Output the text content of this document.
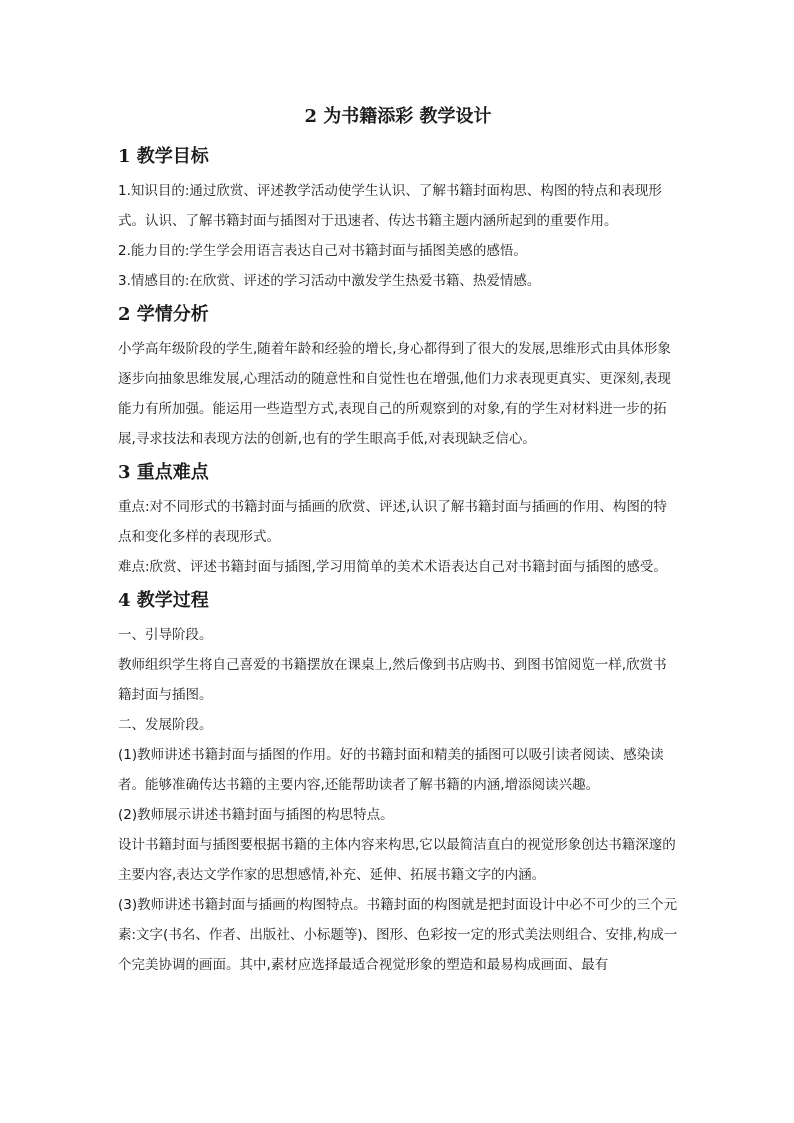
2 为书籍添彩 教学设计
1 教学目标

1.知识目的:通过欣赏、评述教学活动使学生认识、了解书籍封面构思、构图的特点和表现形式。认识、了解书籍封面与插图对于迅速者、传达书籍主题内涵所起到的重要作用。

2.能力目的:学生学会用语言表达自己对书籍封面与插图美感的感悟。

3.情感目的:在欣赏、评述的学习活动中激发学生热爱书籍、热爱情感。

2 学情分析

小学高年级阶段的学生,随着年龄和经验的增长,身心都得到了很大的发展,思维形式由具体形象逐步向抽象思维发展,心理活动的随意性和自觉性也在增强,他们力求表现更真实、更深刻,表现能力有所加强。能运用一些造型方式,表现自己的所观察到的对象,有的学生对材料进一步的拓展,寻求技法和表现方法的创新,也有的学生眼高手低,对表现缺乏信心。

3 重点难点

重点:对不同形式的书籍封面与插画的欣赏、评述,认识了解书籍封面与插画的作用、构图的特点和变化多样的表现形式。

难点:欣赏、评述书籍封面与插图,学习用简单的美术术语表达自己对书籍封面与插图的感受。

4 教学过程

一、引导阶段。

教师组织学生将自己喜爱的书籍摆放在课桌上,然后像到书店购书、到图书馆阅览一样,欣赏书籍封面与插图。

二、发展阶段。

(1)教师讲述书籍封面与插图的作用。好的书籍封面和精美的插图可以吸引读者阅读、感染读者。能够准确传达书籍的主要内容,还能帮助读者了解书籍的内涵,增添阅读兴趣。

(2)教师展示讲述书籍封面与插图的构思特点。

设计书籍封面与插图要根据书籍的主体内容来构思,它以最简洁直白的视觉形象创达书籍深邃的主要内容,表达文学作家的思想感情,补充、延伸、拓展书籍文字的内涵。

(3)教师讲述书籍封面与插画的构图特点。书籍封面的构图就是把封面设计中必不可少的三个元素:文字(书名、作者、出版社、小标题等)、图形、色彩按一定的形式美法则组合、安排,构成一个完美协调的画面。其中,素材应选择最适合视觉形象的塑造和最易构成画面、最有
